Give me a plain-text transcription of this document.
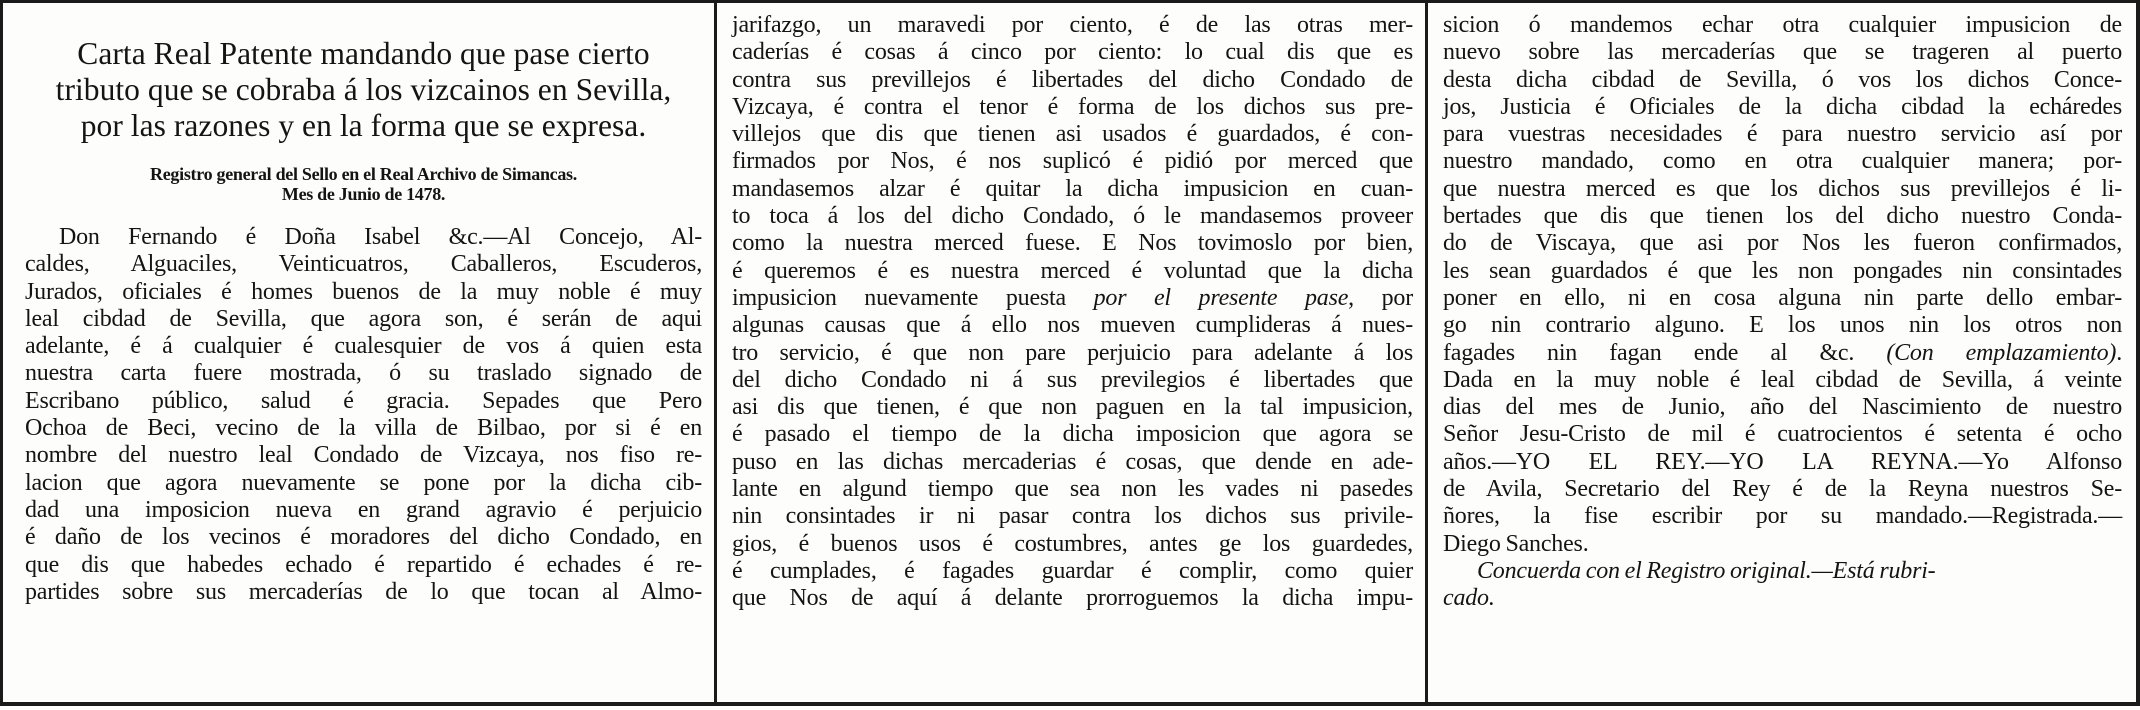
Carta Real Patente mandando que pase cierto
tributo que se cobraba á los vizcainos en Sevilla,
por las razones y en la forma que se expresa.
Registro general del Sello en el Real Archivo de Simancas.
Mes de Junio de 1478.
Don Fernando é Doña Isabel &c.—Al Concejo, Al-
caldes, Alguaciles, Veinticuatros, Caballeros, Escuderos,
Jurados, oficiales é homes buenos de la muy noble é muy
leal cibdad de Sevilla, que agora son, é serán de aqui
adelante, é á cualquier é cualesquier de vos á quien esta
nuestra carta fuere mostrada, ó su traslado signado de
Escribano público, salud é gracia. Sepades que Pero
Ochoa de Beci, vecino de la villa de Bilbao, por si é en
nombre del nuestro leal Condado de Vizcaya, nos fiso re-
lacion que agora nuevamente se pone por la dicha cib-
dad una imposicion nueva en grand agravio é perjuicio
é daño de los vecinos é moradores del dicho Condado, en
que dis que habedes echado é repartido é echades é re-
partides sobre sus mercaderías de lo que tocan al Almo-
jarifazgo, un maravedi por ciento, é de las otras mer-
caderías é cosas á cinco por ciento: lo cual dis que es
contra sus previllejos é libertades del dicho Condado de
Vizcaya, é contra el tenor é forma de los dichos sus pre-
villejos que dis que tienen asi usados é guardados, é con-
firmados por Nos, é nos suplicó é pidió por merced que
mandasemos alzar é quitar la dicha impusicion en cuan-
to toca á los del dicho Condado, ó le mandasemos proveer
como la nuestra merced fuese. E Nos tovimoslo por bien,
é queremos é es nuestra merced é voluntad que la dicha
impusicion nuevamente puesta por el presente pase, por
algunas causas que á ello nos mueven cumplideras á nues-
tro servicio, é que non pare perjuicio para adelante á los
del dicho Condado ni á sus previlegios é libertades que
asi dis que tienen, é que non paguen en la tal impusicion,
é pasado el tiempo de la dicha imposicion que agora se
puso en las dichas mercaderias é cosas, que dende en ade-
lante en algund tiempo que sea non les vades ni pasedes
nin consintades ir ni pasar contra los dichos sus privile-
gios, é buenos usos é costumbres, antes ge los guardedes,
é cumplades, é fagades guardar é complir, como quier
que Nos de aquí á delante prorroguemos la dicha impu-
sicion ó mandemos echar otra cualquier impusicion de
nuevo sobre las mercaderías que se trageren al puerto
desta dicha cibdad de Sevilla, ó vos los dichos Conce-
jos, Justicia é Oficiales de la dicha cibdad la echáredes
para vuestras necesidades é para nuestro servicio así por
nuestro mandado, como en otra cualquier manera; por-
que nuestra merced es que los dichos sus previllejos é li-
bertades que dis que tienen los del dicho nuestro Conda-
do de Viscaya, que asi por Nos les fueron confirmados,
les sean guardados é que les non pongades nin consintades
poner en ello, ni en cosa alguna nin parte dello embar-
go nin contrario alguno. E los unos nin los otros non
fagades nin fagan ende al &c. (Con emplazamiento).
Dada en la muy noble é leal cibdad de Sevilla, á veinte
dias del mes de Junio, año del Nascimiento de nuestro
Señor Jesu-Cristo de mil é cuatrocientos é setenta é ocho
años.—YO EL REY.—YO LA REYNA.—Yo Alfonso
de Avila, Secretario del Rey é de la Reyna nuestros Se-
ñores, la fise escribir por su mandado.—Registrada.—
Diego Sanches.
Concuerda con el Registro original.—Está rubri-
cado.
